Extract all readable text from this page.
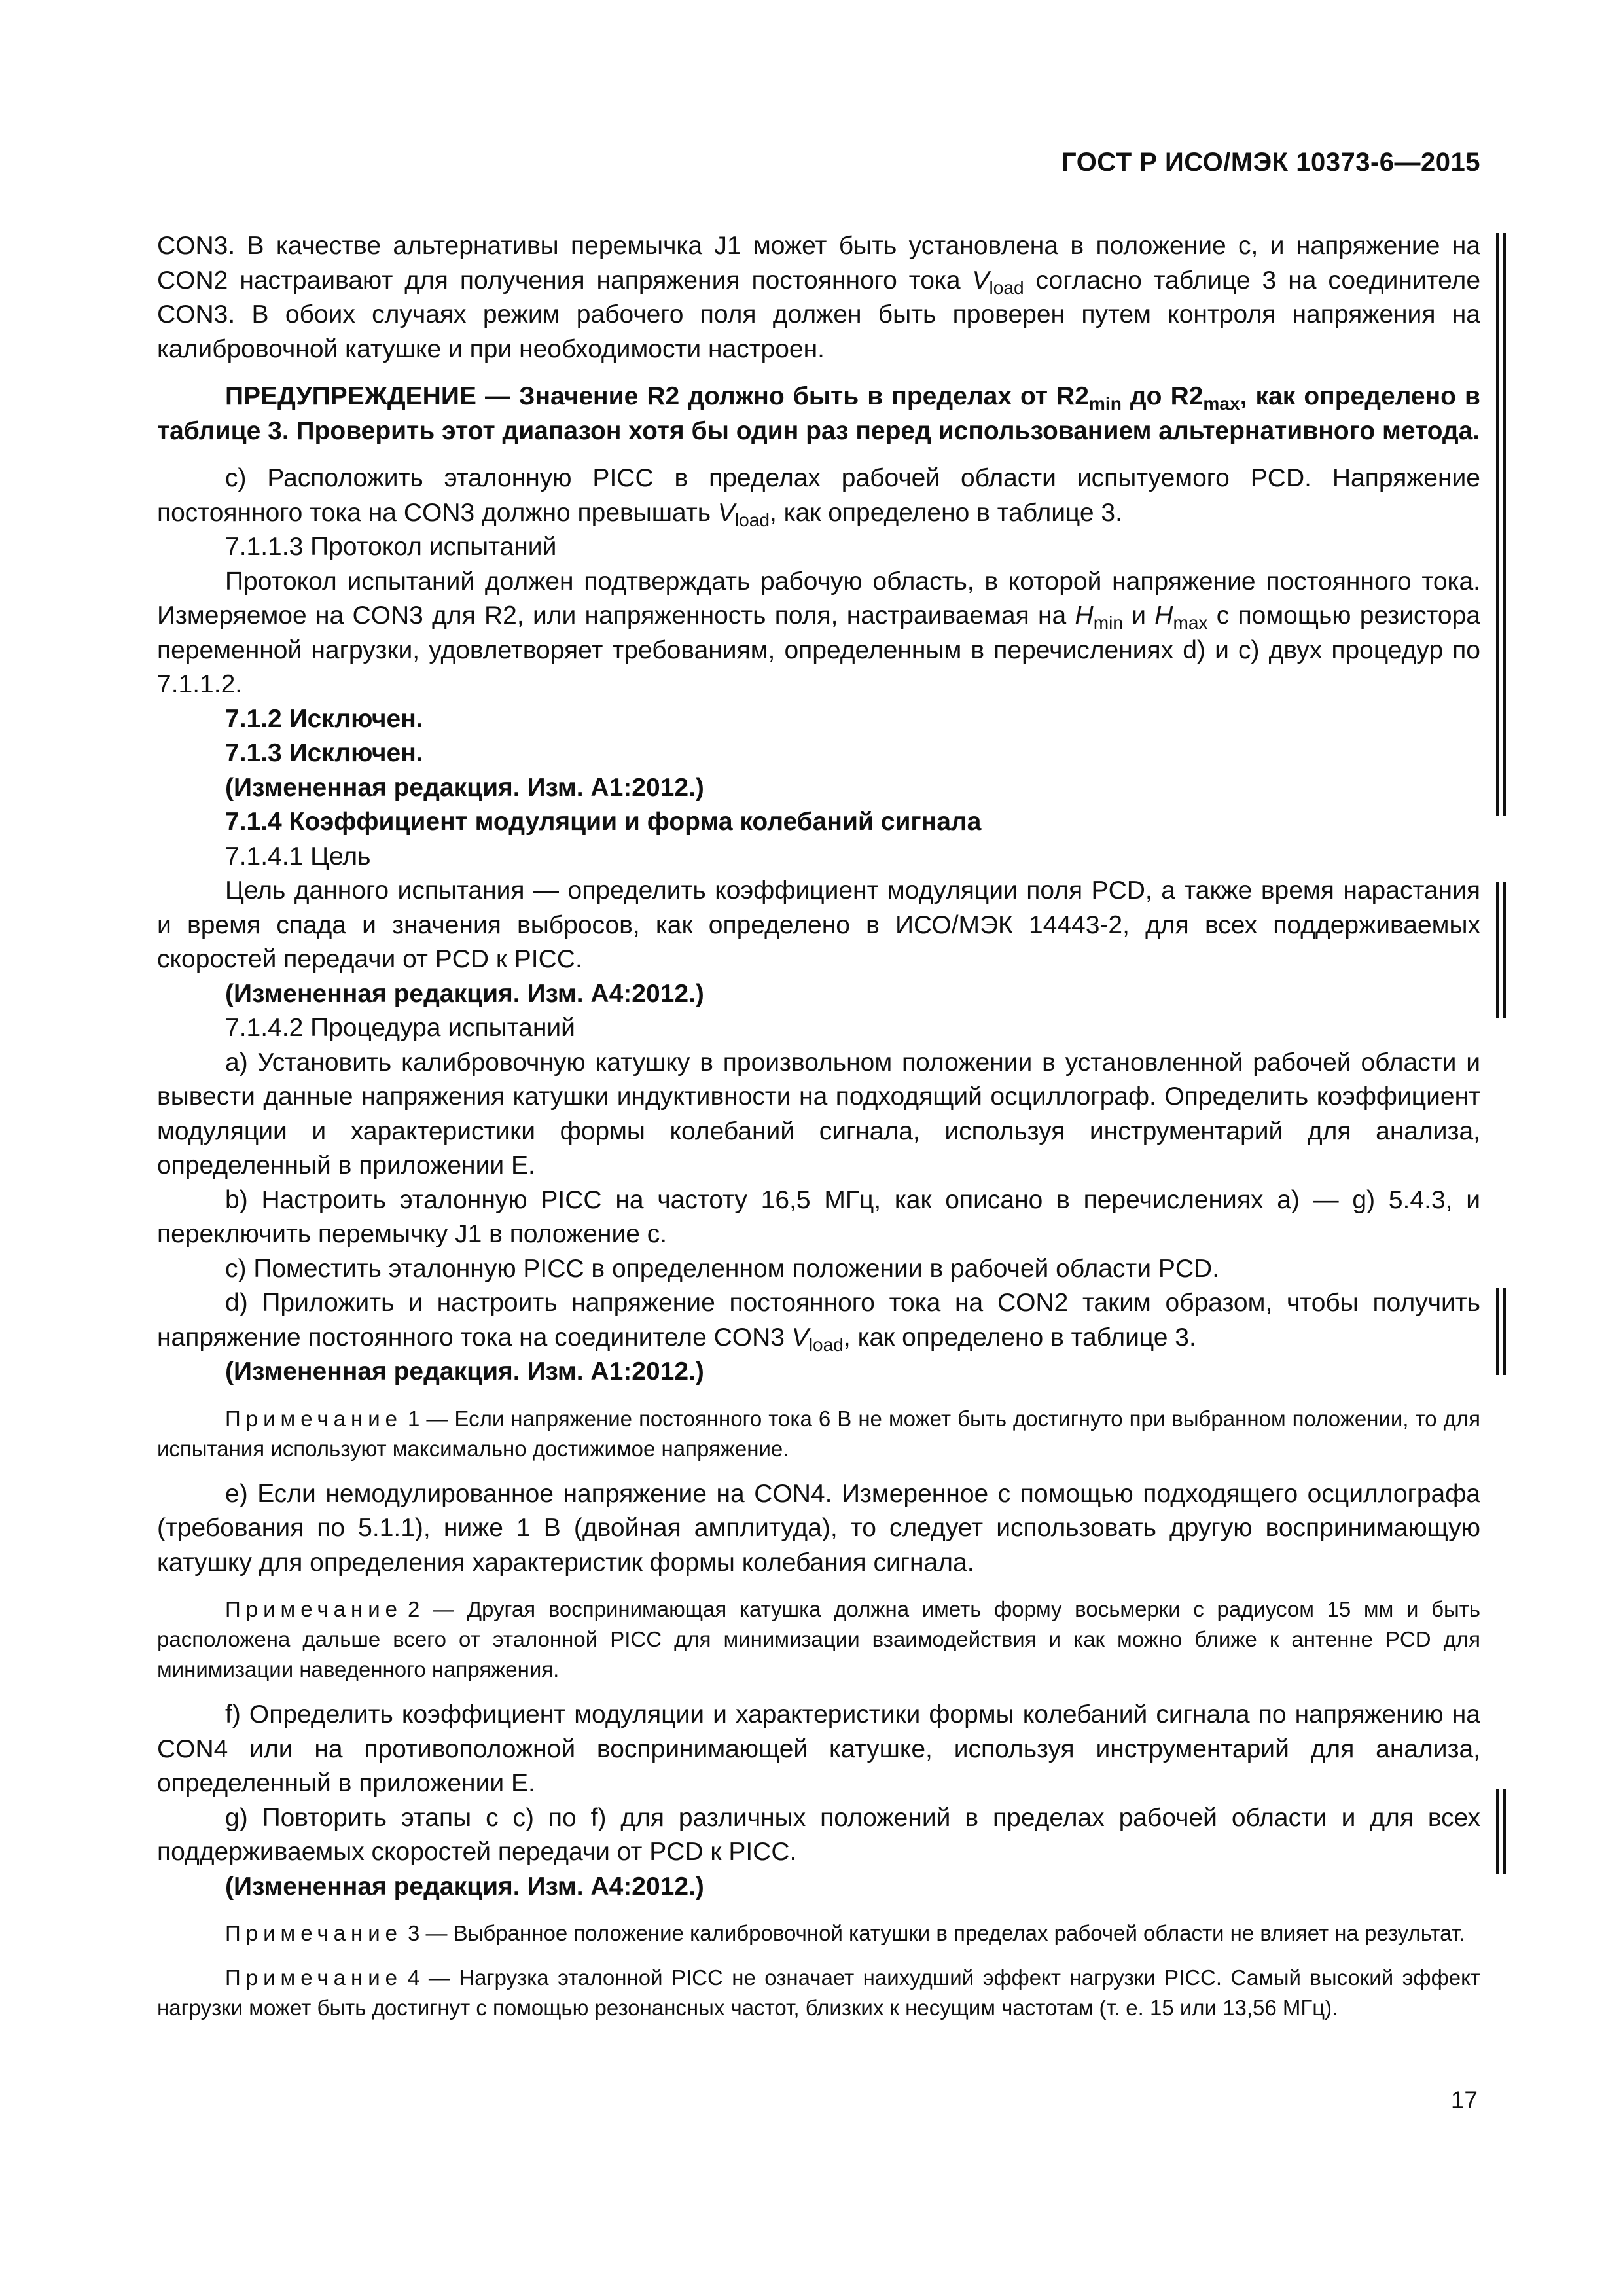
ГОСТ Р ИСО/МЭК 10373-6—2015

CON3. В качестве альтернативы перемычка J1 может быть установлена в положение с, и напряжение на CON2 настраивают для получения напряжения постоянного тока $V_{load}$ согласно таблице 3 на соединителе CON3. В обоих случаях режим рабочего поля должен быть проверен путем контроля напряжения на калибровочной катушке и при необходимости настроен.

ПРЕДУПРЕЖДЕНИЕ — Значение R2 должно быть в пределах от $R2_{min}$ до $R2_{max}$, как определено в таблице 3. Проверить этот диапазон хотя бы один раз перед использованием альтернативного метода.

с) Расположить эталонную PICC в пределах рабочей области испытуемого PCD. Напряжение постоянного тока на CON3 должно превышать $V_{load}$, как определено в таблице 3.

7.1.1.3 Протокол испытаний

Протокол испытаний должен подтверждать рабочую область, в которой напряжение постоянного тока. Измеряемое на CON3 для R2, или напряженность поля, настраиваемая на $H_{min}$ и $H_{max}$ с помощью резистора переменной нагрузки, удовлетворяет требованиям, определенным в перечислениях d) и с) двух процедур по 7.1.1.2.

7.1.2 Исключен.

7.1.3 Исключен.

(Измененная редакция. Изм. А1:2012.)

7.1.4 Коэффициент модуляции и форма колебаний сигнала

7.1.4.1 Цель

Цель данного испытания — определить коэффициент модуляции поля PCD, а также время нарастания и время спада и значения выбросов, как определено в ИСО/МЭК 14443-2, для всех поддерживаемых скоростей передачи от PCD к PICC.

(Измененная редакция. Изм. А4:2012.)

7.1.4.2 Процедура испытаний

а) Установить калибровочную катушку в произвольном положении в установленной рабочей области и вывести данные напряжения катушки индуктивности на подходящий осциллограф. Определить коэффициент модуляции и характеристики формы колебаний сигнала, используя инструментарий для анализа, определенный в приложении Е.

b) Настроить эталонную PICC на частоту 16,5 МГц, как описано в перечислениях а) — g) 5.4.3, и переключить перемычку J1 в положение с.

с) Поместить эталонную PICC в определенном положении в рабочей области PCD.

d) Приложить и настроить напряжение постоянного тока на CON2 таким образом, чтобы получить напряжение постоянного тока на соединителе CON3 $V_{load}$, как определено в таблице 3.

(Измененная редакция. Изм. А1:2012.)

Примечание 1 — Если напряжение постоянного тока 6 В не может быть достигнуто при выбранном положении, то для испытания используют максимально достижимое напряжение.

е) Если немодулированное напряжение на CON4. Измеренное с помощью подходящего осциллографа (требования по 5.1.1), ниже 1 В (двойная амплитуда), то следует использовать другую воспринимающую катушку для определения характеристик формы колебания сигнала.

Примечание 2 — Другая воспринимающая катушка должна иметь форму восьмерки с радиусом 15 мм и быть расположена дальше всего от эталонной PICC для минимизации взаимодействия и как можно ближе к антенне PCD для минимизации наведенного напряжения.

f) Определить коэффициент модуляции и характеристики формы колебаний сигнала по напряжению на CON4 или на противоположной воспринимающей катушке, используя инструментарий для анализа, определенный в приложении Е.

g) Повторить этапы с с) по f) для различных положений в пределах рабочей области и для всех поддерживаемых скоростей передачи от PCD к PICC.

(Измененная редакция. Изм. А4:2012.)

Примечание 3 — Выбранное положение калибровочной катушки в пределах рабочей области не влияет на результат.

Примечание 4 — Нагрузка эталонной PICC не означает наихудший эффект нагрузки PICC. Самый высокий эффект нагрузки может быть достигнут с помощью резонансных частот, близких к несущим частотам (т. е. 15 или 13,56 МГц).

17
